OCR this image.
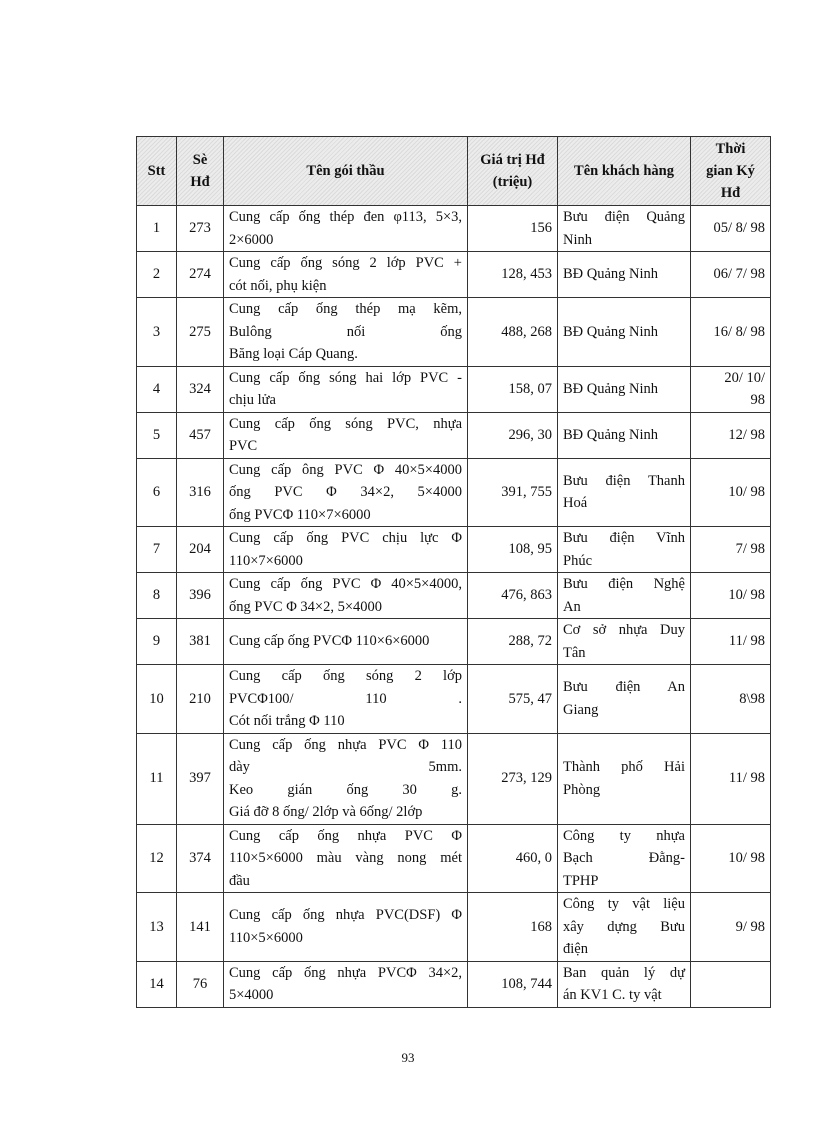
Stt	Sè
Hđ	Tên gói thầu	Giá trị Hđ
(triệu)	Tên khách hàng	Thời
gian Ký
Hđ

1	273	Cung cấp ống thép đen φ113, 5×3,
2×6000	156	Bưu điện Quảng
Ninh	05/ 8/ 98

2	274	Cung cấp ống sóng 2 lớp PVC +
cót nối, phụ kiện	128, 453	BĐ Quảng Ninh	06/ 7/ 98

3	275	Cung cấp ống thép mạ kẽm,
Bulông nối ống
Băng loại Cáp Quang.	488, 268	BĐ Quảng Ninh	16/ 8/ 98

4	324	Cung cấp ống sóng hai lớp PVC -
chịu lửa	158, 07	BĐ Quảng Ninh	20/ 10/
98

5	457	Cung cấp ống sóng PVC, nhựa
PVC	296, 30	BĐ Quảng Ninh	12/ 98

6	316	Cung cấp ông PVC Φ 40×5×4000
ống PVC Φ 34×2, 5×4000
ống PVCΦ 110×7×6000	391, 755	Bưu điện Thanh
Hoá	10/ 98

7	204	Cung cấp ống PVC chịu lực Φ
110×7×6000	108, 95	Bưu điện Vĩnh
Phúc	7/ 98

8	396	Cung cấp ống PVC Φ 40×5×4000,
ống PVC Φ 34×2, 5×4000	476, 863	Bưu điện Nghệ
An	10/ 98

9	381	Cung cấp ống PVCΦ 110×6×6000	288, 72	Cơ sở nhựa Duy
Tân	11/ 98

10	210	Cung cấp ống sóng 2 lớp
PVCΦ100/ 110 .
Cót nối trắng Φ 110	575, 47	Bưu điện An
Giang	8\98

11	397	Cung cấp ống nhựa PVC Φ 110
dày 5mm.
Keo gián ống 30 g.
Giá đỡ 8 ống/ 2lớp và 6ống/ 2lớp	273, 129	Thành phố Hải
Phòng	11/ 98

12	374	Cung cấp ống nhựa PVC Φ
110×5×6000 màu vàng nong mét
đầu	460, 0	Công ty nhựa
Bạch Đằng-
TPHP	10/ 98

13	141	Cung cấp ống nhựa PVC(DSF) Φ
110×5×6000	168	Công ty vật liệu
xây dựng Bưu
điện	9/ 98

14	76	Cung cấp ống nhựa PVCΦ 34×2,
5×4000	108, 744	Ban quản lý dự
án KV1 C. ty vật	

93
